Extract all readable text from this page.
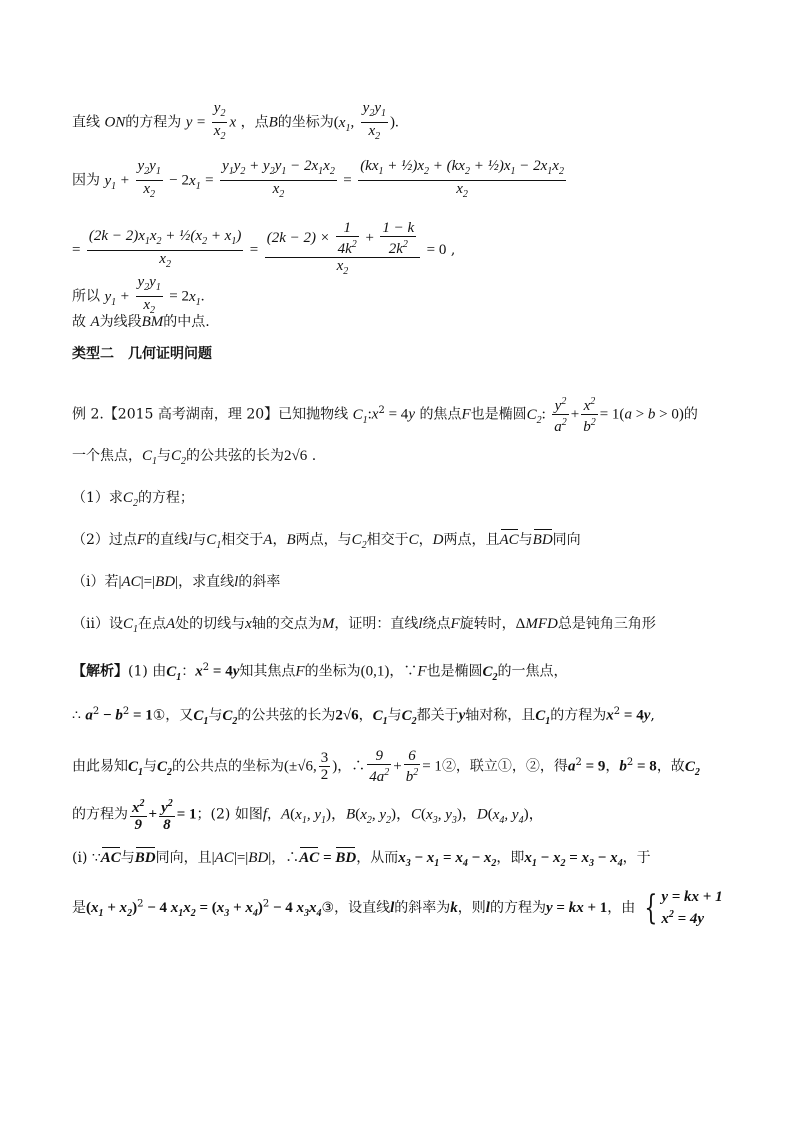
直线 ON的方程为 $y = \frac{y_2}{x_2}$ x ，点B的坐标为($x_1$, $\frac{y_2y_1}{x_2}$ ).
因为 $y_1 + \frac{y_2y_1}{x_2} - 2x_1 = \frac{y_1y_2 + y_2y_1 - 2x_1x_2}{x_2} = \frac{(kx_1 + \frac{1}{2})x_2 + (kx_2 + \frac{1}{2})x_1 - 2x_1x_2}{x_2}$
= $\frac{(2k - 2)x_1x_2 + \frac{1}{2}(x_2 + x_1)}{x_2} = \frac{(2k - 2) \times \frac{1}{4k^2} + \frac{1 - k}{2k^2}}{x_2} = 0$ ,
所以 $y_1 + \frac{y_2y_1}{x_2} = 2x_1$.
故 A为线段BM的中点.
类型二　几何证明问题
例 2.【2015 高考湖南，理 20】已知抛物线 $C_1:x^2 = 4y$ 的焦点F也是椭圆$C_2$: $\frac{y^2}{a^2} + \frac{x^2}{b^2} = 1(a > b > 0)$的
一个焦点，$C_1$与$C_2$的公共弦的长为2√6 .
（1）求$C_2$的方程；
（2）过点F的直线l与$C_1$相交于A，B两点，与$C_2$相交于C，D两点，且AC与BD同向
（ⅰ）若|AC|=|BD|，求直线l的斜率
（ⅱ）设$C_1$在点A处的切线与x轴的交点为M，证明：直线l绕点F旋转时，ΔMFD总是钝角三角形
【解析】(1) 由$C_1$：$x^2 = 4y$知其焦点F的坐标为(0,1)，∵F也是椭圆$C_2$的一焦点，
∴ $a^2 - b^2$ = 1①，又$C_1$与$C_2$的公共弦的长为2√6，$C_1$与$C_2$都关于y轴对称，且$C_1$的方程为$x^2 = 4y$,
由此易知$C_1$与$C_2$的公共点的坐标为(±√6, $\frac{3}{2}$ )，∴ $\frac{9}{4a^2} + \frac{6}{b^2}$ = 1②，联立①，②，得$a^2 = 9$，$b^2 = 8$，故$C_2$
的方程为 $\frac{x^2}{9} + \frac{y^2}{8} = 1$；(2) 如图f，$A(x_1$, $y_1$)，$B(x_2$, $y_2$)，$C(x_3$, $y_3$)，$D(x_4$, $y_4$)，
(i) ∵AC与BD同向，且|AC|=|BD|，∴AC = BD，从而$x_3 - x_1 = x_4 - x_2$，即$x_1 - x_2 = x_3 - x_4$，于
是$(x_1 + x_2)^2 - 4$ $x_1x_2 = (x_3 + x_4)^2 - 4$ $x_3x_4③$，设直线l的斜率为k，则l的方程为y = kx + 1，由 { y = kx + 1
$x^2 = 4y$
